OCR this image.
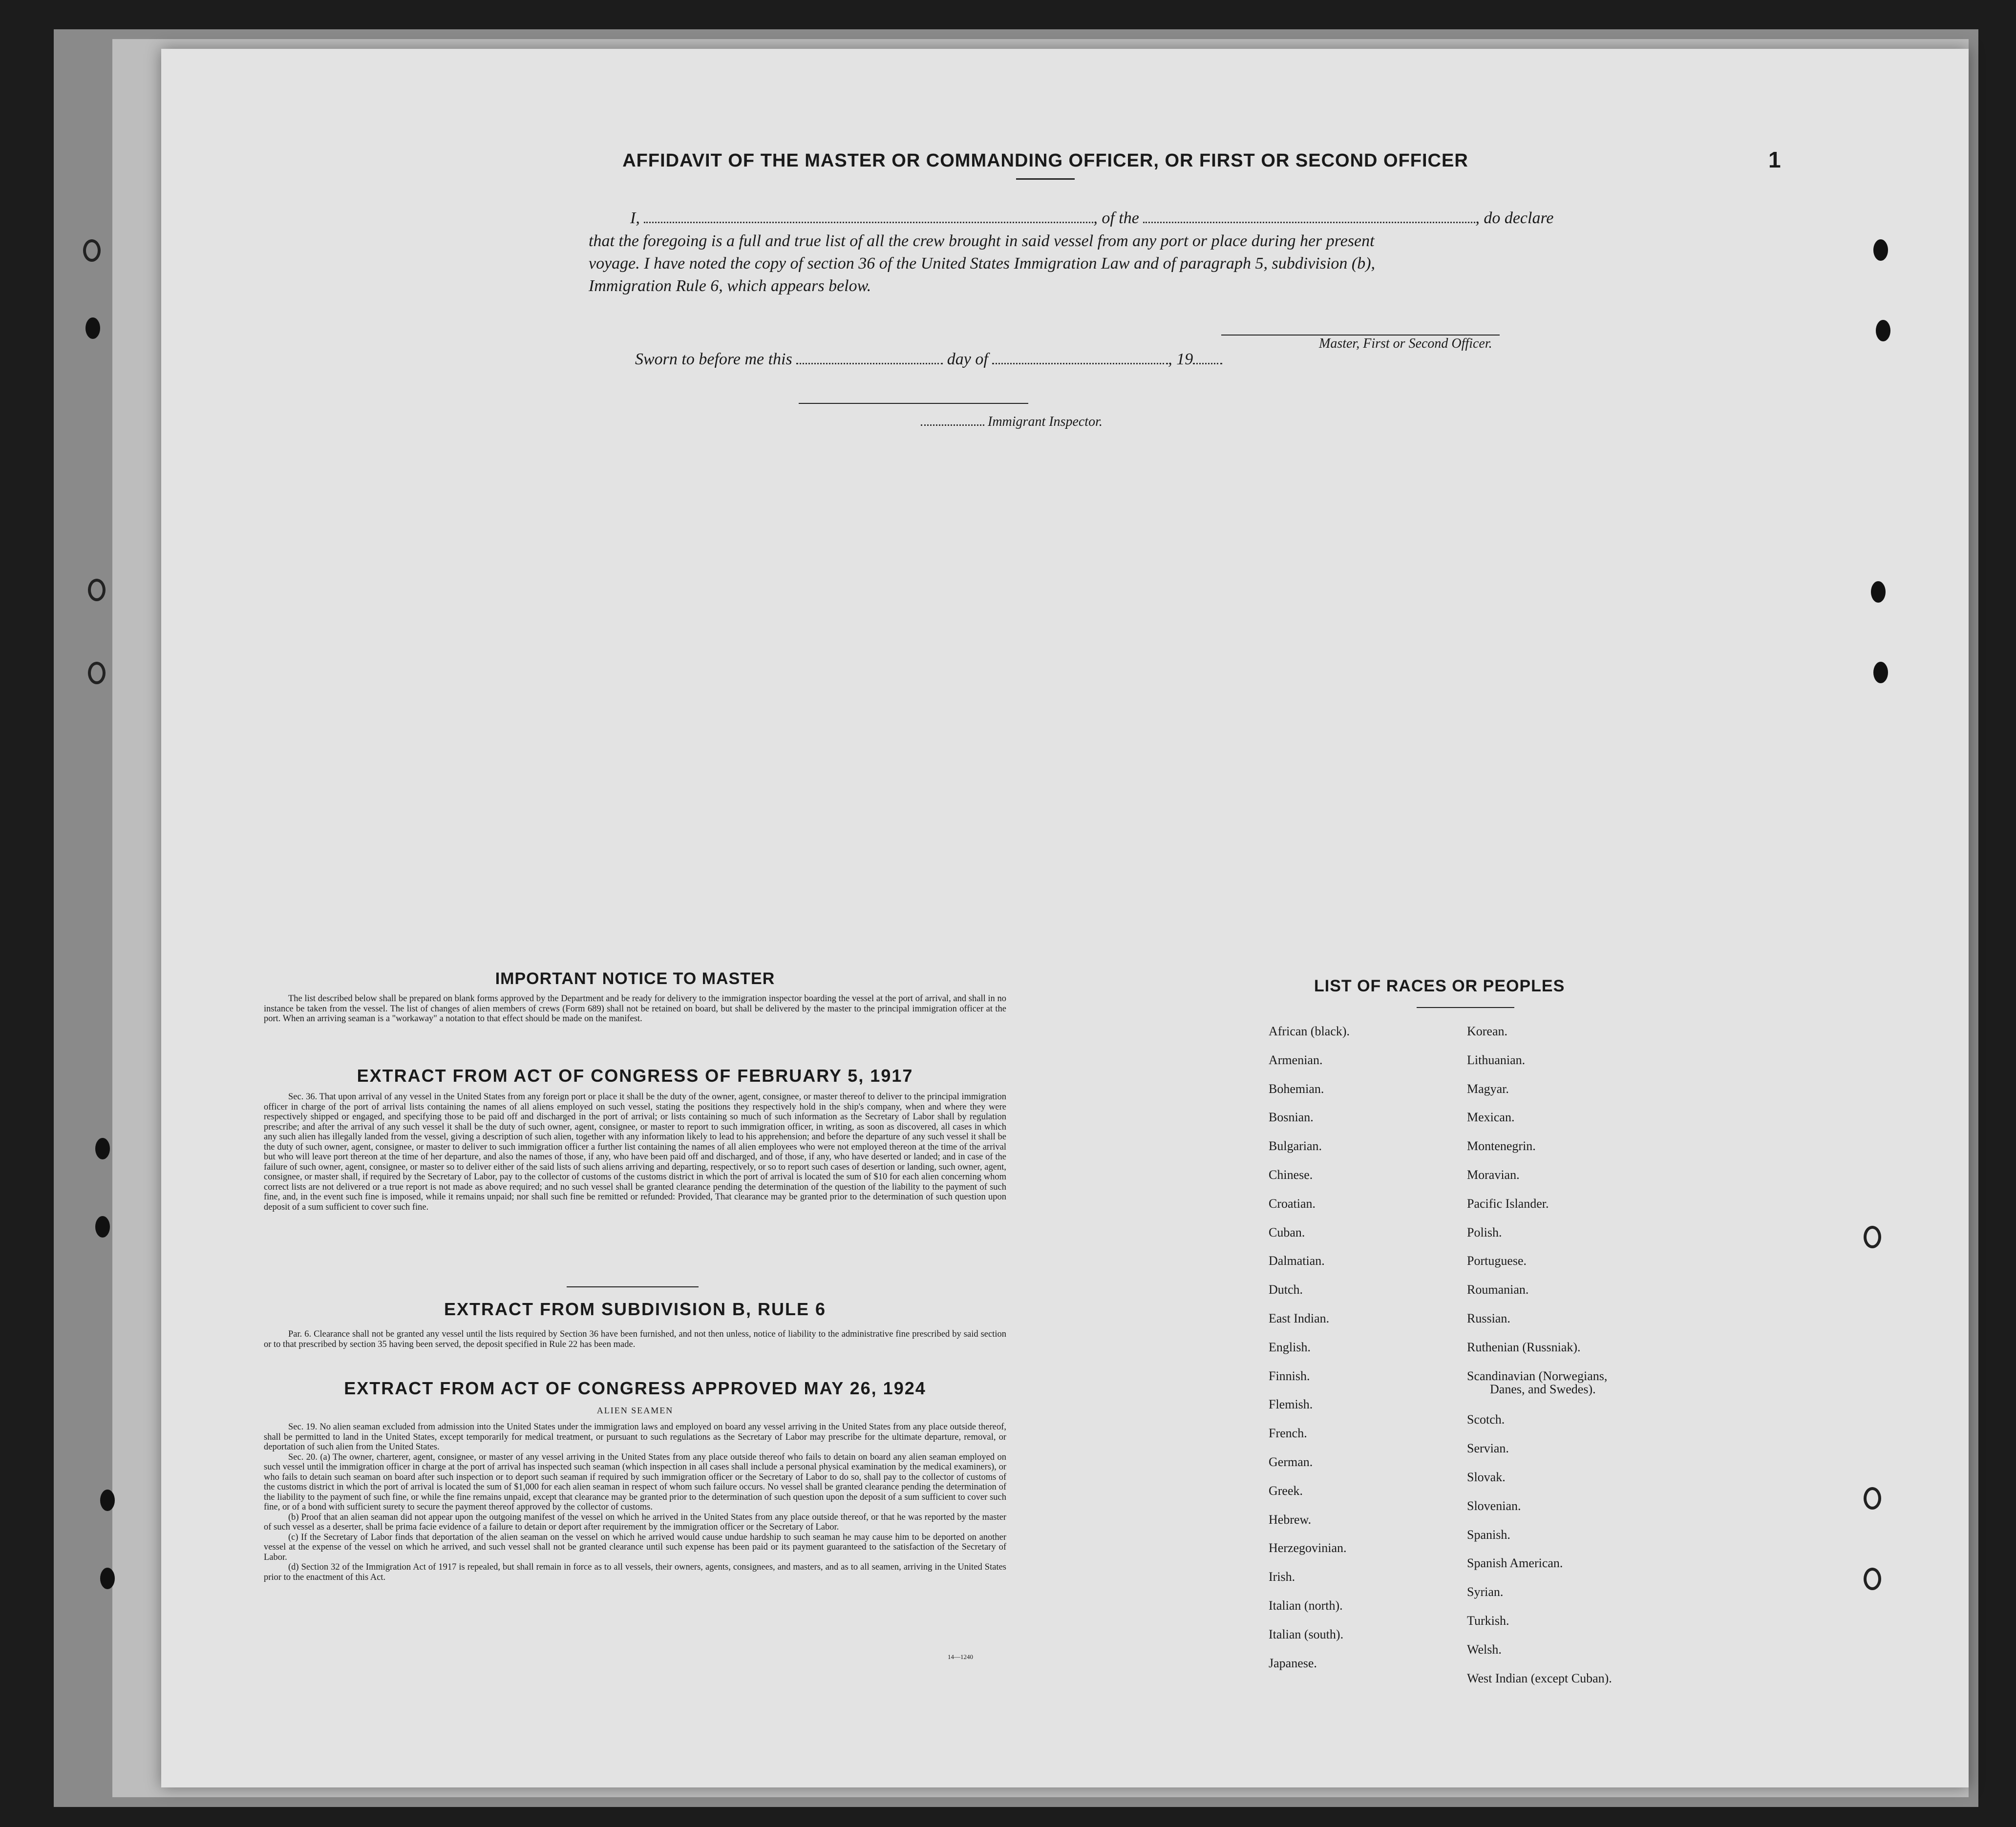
1
AFFIDAVIT OF THE MASTER OR COMMANDING OFFICER, OR FIRST OR SECOND OFFICER
I,	, of the	, do declare
that the foregoing is a full and true list of all the crew brought in said vessel from any port or place during her present
voyage. I have noted the copy of section 36 of the United States Immigration Law and of paragraph 5, subdivision (b),
Immigration Rule 6, which appears below.
Master, First or Second Officer.
Sworn to before me this	day of	, 19
Immigrant Inspector.
IMPORTANT NOTICE TO MASTER
The list described below shall be prepared on blank forms approved by the Department and be ready for delivery to the immigration inspector boarding the vessel at the port of arrival, and shall in no instance be taken from the vessel. The list of changes of alien members of crews (Form 689) shall not be retained on board, but shall be delivered by the master to the principal immigration officer at the port. When an arriving seaman is a "workaway" a notation to that effect should be made on the manifest.
EXTRACT FROM ACT OF CONGRESS OF FEBRUARY 5, 1917
Sec. 36. That upon arrival of any vessel in the United States from any foreign port or place it shall be the duty of the owner, agent, consignee, or master thereof to deliver to the principal immigration officer in charge of the port of arrival lists containing the names of all aliens employed on such vessel, stating the positions they respectively hold in the ship's company, when and where they were respectively shipped or engaged, and specifying those to be paid off and discharged in the port of arrival; or lists containing so much of such information as the Secretary of Labor shall by regulation prescribe; and after the arrival of any such vessel it shall be the duty of such owner, agent, consignee, or master to report to such immigration officer, in writing, as soon as discovered, all cases in which any such alien has illegally landed from the vessel, giving a description of such alien, together with any information likely to lead to his apprehension; and before the departure of any such vessel it shall be the duty of such owner, agent, consignee, or master to deliver to such immigration officer a further list containing the names of all alien employees who were not employed thereon at the time of the arrival but who will leave port thereon at the time of her departure, and also the names of those, if any, who have been paid off and discharged, and of those, if any, who have deserted or landed; and in case of the failure of such owner, agent, consignee, or master so to deliver either of the said lists of such aliens arriving and departing, respectively, or so to report such cases of desertion or landing, such owner, agent, consignee, or master shall, if required by the Secretary of Labor, pay to the collector of customs of the customs district in which the port of arrival is located the sum of $10 for each alien concerning whom correct lists are not delivered or a true report is not made as above required; and no such vessel shall be granted clearance pending the determination of the question of the liability to the payment of such fine, and, in the event such fine is imposed, while it remains unpaid; nor shall such fine be remitted or refunded: Provided, That clearance may be granted prior to the determination of such question upon deposit of a sum sufficient to cover such fine.
EXTRACT FROM SUBDIVISION B, RULE 6
Par. 6. Clearance shall not be granted any vessel until the lists required by Section 36 have been furnished, and not then unless, notice of liability to the administrative fine prescribed by said section or to that prescribed by section 35 having been served, the deposit specified in Rule 22 has been made.
EXTRACT FROM ACT OF CONGRESS APPROVED MAY 26, 1924
ALIEN SEAMEN

Sec. 19. No alien seaman excluded from admission into the United States under the immigration laws and employed on board any vessel arriving in the United States from any place outside thereof, shall be permitted to land in the United States, except temporarily for medical treatment, or pursuant to such regulations as the Secretary of Labor may prescribe for the ultimate departure, removal, or deportation of such alien from the United States.

Sec. 20. (a) The owner, charterer, agent, consignee, or master of any vessel arriving in the United States from any place outside thereof who fails to detain on board any alien seaman employed on such vessel until the immigration officer in charge at the port of arrival has inspected such seaman (which inspection in all cases shall include a personal physical examination by the medical examiners), or who fails to detain such seaman on board after such inspection or to deport such seaman if required by such immigration officer or the Secretary of Labor to do so, shall pay to the collector of customs of the customs district in which the port of arrival is located the sum of $1,000 for each alien seaman in respect of whom such failure occurs. No vessel shall be granted clearance pending the determination of the liability to the payment of such fine, or while the fine remains unpaid, except that clearance may be granted prior to the determination of such question upon the deposit of a sum sufficient to cover such fine, or of a bond with sufficient surety to secure the payment thereof approved by the collector of customs.

(b) Proof that an alien seaman did not appear upon the outgoing manifest of the vessel on which he arrived in the United States from any place outside thereof, or that he was reported by the master of such vessel as a deserter, shall be prima facie evidence of a failure to detain or deport after requirement by the immigration officer or the Secretary of Labor.

(c) If the Secretary of Labor finds that deportation of the alien seaman on the vessel on which he arrived would cause undue hardship to such seaman he may cause him to be deported on another vessel at the expense of the vessel on which he arrived, and such vessel shall not be granted clearance until such expense has been paid or its payment guaranteed to the satisfaction of the Secretary of Labor.

(d) Section 32 of the Immigration Act of 1917 is repealed, but shall remain in force as to all vessels, their owners, agents, consignees, and masters, and as to all seamen, arriving in the United States prior to the enactment of this Act.

14—1240
LIST OF RACES OR PEOPLES
African (black).
Armenian.
Bohemian.
Bosnian.
Bulgarian.
Chinese.
Croatian.
Cuban.
Dalmatian.
Dutch.
East Indian.
English.
Finnish.
Flemish.
French.
German.
Greek.
Hebrew.
Herzegovinian.
Irish.
Italian (north).
Italian (south).
Japanese.
Korean.
Lithuanian.
Magyar.
Mexican.
Montenegrin.
Moravian.
Pacific Islander.
Polish.
Portuguese.
Roumanian.
Russian.
Ruthenian (Russniak).
Scandinavian (Norwegians,
Danes, and Swedes).
Scotch.
Servian.
Slovak.
Slovenian.
Spanish.
Spanish American.
Syrian.
Turkish.
Welsh.
West Indian (except Cuban).
